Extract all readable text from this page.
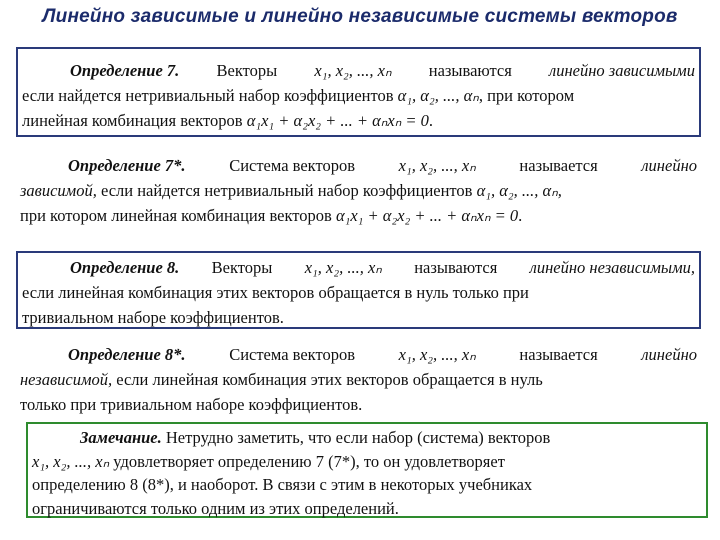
Линейно зависимые и линейно независимые системы векторов
Определение 7. Векторы x₁, x₂, ..., xₙ называются линейно зависимыми
если найдется нетривиальный набор коэффициентов α₁, α₂, ..., αₙ, при котором
линейная комбинация векторов α₁x₁ + α₂x₂ + ... + αₙxₙ = 0.
Определение 7*.	Система векторов	x₁, x₂, ..., xₙ	называется	линейно
зависимой, если найдется нетривиальный набор коэффициентов α₁, α₂, ..., αₙ,
при котором линейная комбинация векторов α₁x₁ + α₂x₂ + ... + αₙxₙ = 0.
Определение 8. Векторы x₁, x₂, ..., xₙ называются линейно независимыми,
если линейная комбинация этих векторов обращается в нуль только при
тривиальном наборе коэффициентов.
Определение 8*.	Система векторов	x₁, x₂, ..., xₙ	называется	линейно
независимой, если линейная комбинация этих векторов обращается в нуль
только при тривиальном наборе коэффициентов.
Замечание. Нетрудно заметить, что если набор (система) векторов
x₁, x₂, ..., xₙ удовлетворяет определению 7 (7*), то он удовлетворяет
определению 8 (8*), и наоборот. В связи с этим в некоторых учебниках
ограничиваются только одним из этих определений.
